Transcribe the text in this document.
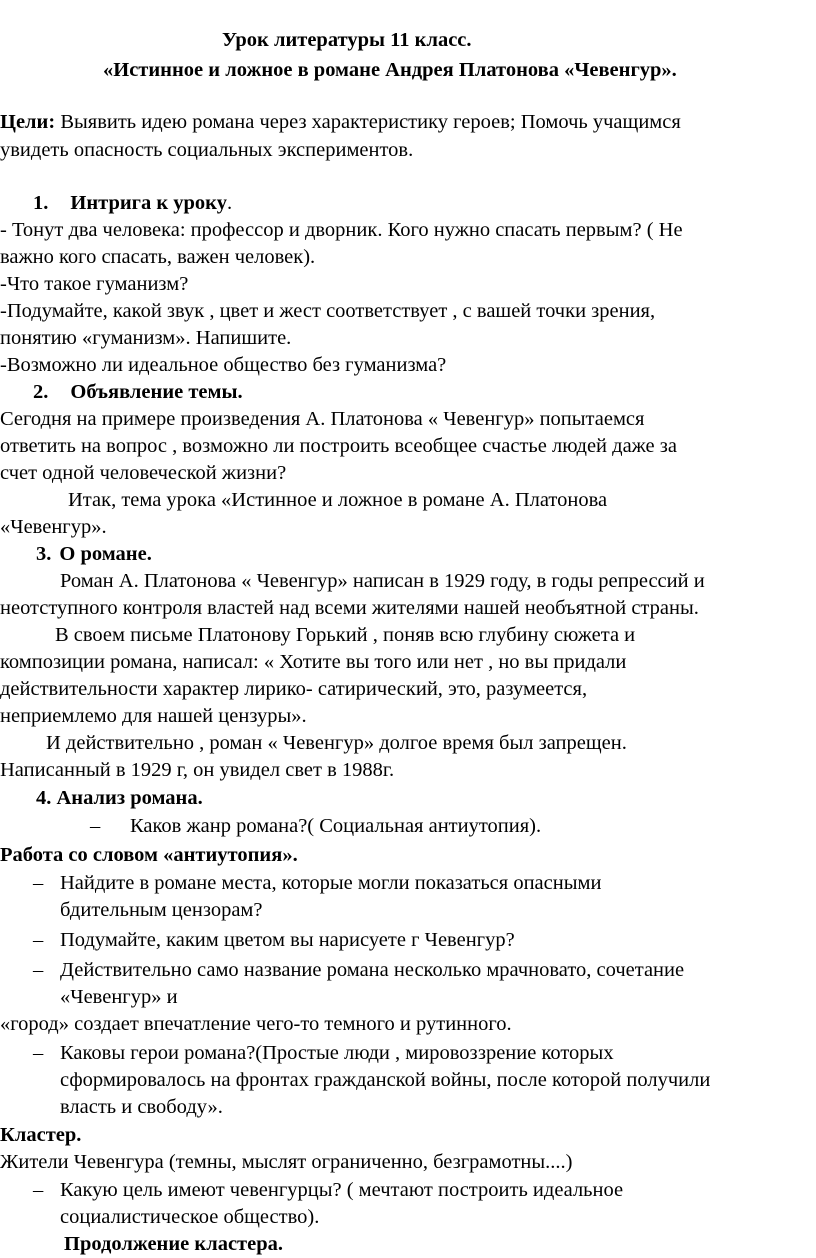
Урок литературы 11 класс.
«Истинное и ложное в романе Андрея Платонова «Чевенгур».
Цели: Выявить идею романа через характеристику героев; Помочь учащимся
увидеть опасность социальных экспериментов.
1. Интрига к уроку.
- Тонут два человека: профессор и дворник. Кого нужно спасать первым? ( Не
важно кого спасать, важен человек).
-Что такое гуманизм?
-Подумайте, какой звук , цвет и жест соответствует , с вашей точки зрения,
понятию «гуманизм». Напишите.
-Возможно ли идеальное общество без гуманизма?
2. Объявление темы.
Сегодня на примере произведения А. Платонова « Чевенгур» попытаемся
ответить на вопрос , возможно ли построить всеобщее счастье людей даже за
счет одной человеческой жизни?
Итак, тема урока «Истинное и ложное в романе А. Платонова
«Чевенгур».
3. О романе.
Роман А. Платонова « Чевенгур» написан в 1929 году, в годы репрессий и
неотступного контроля властей над всеми жителями нашей необъятной страны.
В своем письме Платонову Горький , поняв всю глубину сюжета и
композиции романа, написал: « Хотите вы того или нет , но вы придали
действительности характер лирико- сатирический, это, разумеется,
неприемлемо для нашей цензуры».
И действительно , роман « Чевенгур» долгое время был запрещен.
Написанный в 1929 г, он увидел свет в 1988г.
4. Анализ романа.
– Каков жанр романа?( Социальная антиутопия).
Работа со словом «антиутопия».
– Найдите в романе места, которые могли показаться опасными
бдительным цензорам?
– Подумайте, каким цветом вы нарисуете г Чевенгур?
– Действительно само название романа несколько мрачновато, сочетание
«Чевенгур» и
«город» создает впечатление чего-то темного и рутинного.
– Каковы герои романа?(Простые люди , мировоззрение которых
сформировалось на фронтах гражданской войны, после которой получили
власть и свободу».
Кластер.
Жители Чевенгура (темны, мыслят ограниченно, безграмотны....)
– Какую цель имеют чевенгурцы? ( мечтают построить идеальное
социалистическое общество).
Продолжение кластера.
